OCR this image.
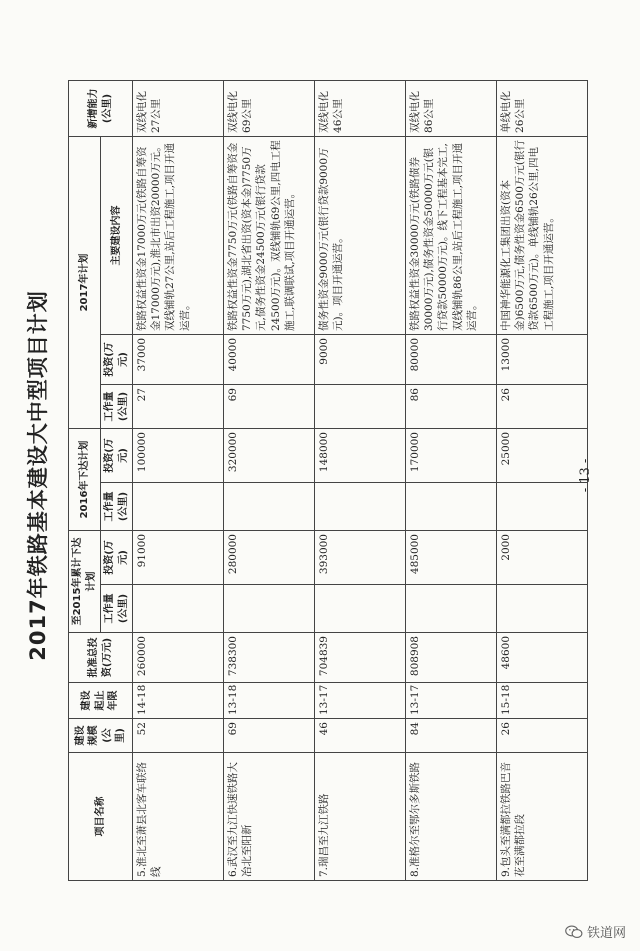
2017年铁路基本建设大中型项目计划
项目名称	建设规模(公里)	建设起止年限	批准总投资(万元)	至2015年累计下达计划		2016年下达计划		2017年计划			新增能力(公里)
				工作量(公里)	投资(万元)	工作量(公里)	投资(万元)	工作量(公里)	投资(万元)	主要建设内容	
5.淮北至萧县北客车联络线	52	14-18	260000		91000		100000	27	37000	铁路权益性资金17000万元(铁路自筹资金17000万元),淮北市出资20000万元。双线铺轨27公里,站后工程施工,项目开通运营。	双线电化27公里
6.武汉至九江快速铁路大冶北至阳新	69	13-18	738300		280000		320000	69	40000	铁路权益性资金7750万元(铁路自筹资金7750万元),湖北省出资(资本金)7750万元,债务性资金24500万元(银行贷款24500万元)。双线铺轨69公里,四电工程施工,联调联试,项目开通运营。	双线电化69公里
7.瑞昌至九江铁路	46	13-17	704839		393000		148000		9000	债务性资金9000万元(银行贷款9000万元)。项目开通运营。	双线电化46公里
8.准格尔至鄂尔多斯铁路	84	13-17	808908		485000		170000	86	80000	铁路权益性资金30000万元(铁路债券30000万元),债务性资金50000万元(银行贷款50000万元)。线下工程基本完工,双线铺轨86公里,站后工程施工,项目开通运营。	双线电化86公里
9.包头至满都拉铁路巴音花至满都拉段	26	15-18	48600		2000		25000	26	13000	中国神华能源化工集团出资(资本金)6500万元,债务性资金6500万元(银行贷款6500万元)。单线铺轨26公里,四电工程施工,项目开通运营。	单线电化26公里
- 13 -
铁道网
